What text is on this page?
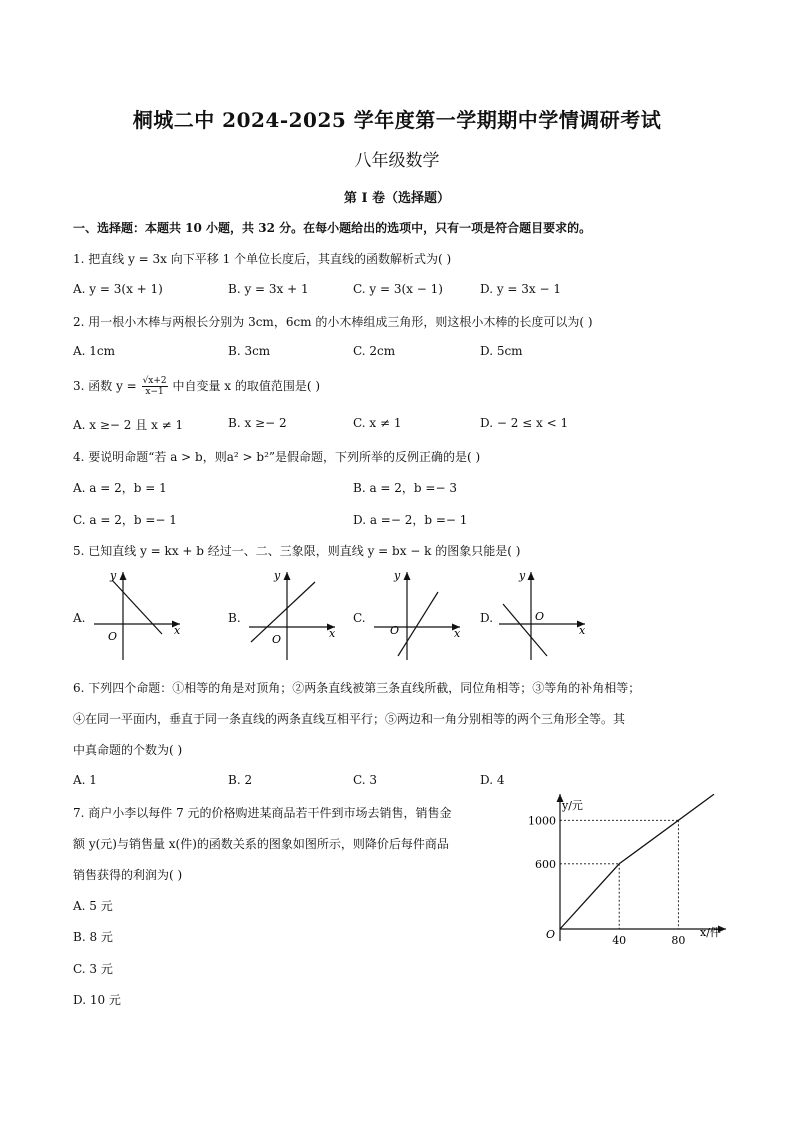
桐城二中 2024-2025 学年度第一学期期中学情调研考试
八年级数学
第 I 卷（选择题）
一、选择题：本题共 10 小题，共 32 分。在每小题给出的选项中，只有一项是符合题目要求的。
1. 把直线 y = 3x 向下平移 1 个单位长度后，其直线的函数解析式为( )
A. y = 3(x + 1)	B. y = 3x + 1	C. y = 3(x − 1)	D. y = 3x − 1
2. 用一根小木棒与两根长分别为 3cm，6cm 的小木棒组成三角形，则这根小木棒的长度可以为( )
A. 1cm	B. 3cm	C. 2cm	D. 5cm
3. 函数 $y = \frac{√x+2}{x-1}$ 中自变量 x 的取值范围是( )
A. x ≥− 2 且 x ≠ 1	B. x ≥− 2	C. x ≠ 1	D. − 2 ≤ x < 1
4. 要说明命题“若 a > b，则a² > b²”是假命题，下列所举的反例正确的是( )
A. a = 2，b = 1	B. a = 2，b =− 3
C. a = 2，b =− 1	D. a =− 2，b =− 1
5. 已知直线 y = kx + b 经过一、二、三象限，则直线 y = bx − k 的图象只能是( )
A.	B.	C.	D.
y
x
O
y
x
O
y
x
O
y
x
O
6. 下列四个命题：①相等的角是对顶角；②两条直线被第三条直线所截，同位角相等；③等角的补角相等；
④在同一平面内，垂直于同一条直线的两条直线互相平行；⑤两边和一角分别相等的两个三角形全等。其
中真命题的个数为( )
A. 1	B. 2	C. 3	D. 4
7. 商户小李以每件 7 元的价格购进某商品若干件到市场去销售，销售金
额 y(元)与销售量 x(件)的函数关系的图象如图所示，则降价后每件商品
销售获得的利润为( )
A. 5 元
B. 8 元
C. 3 元
D. 10 元
y/元
x/件
O
600
1000
40	80
